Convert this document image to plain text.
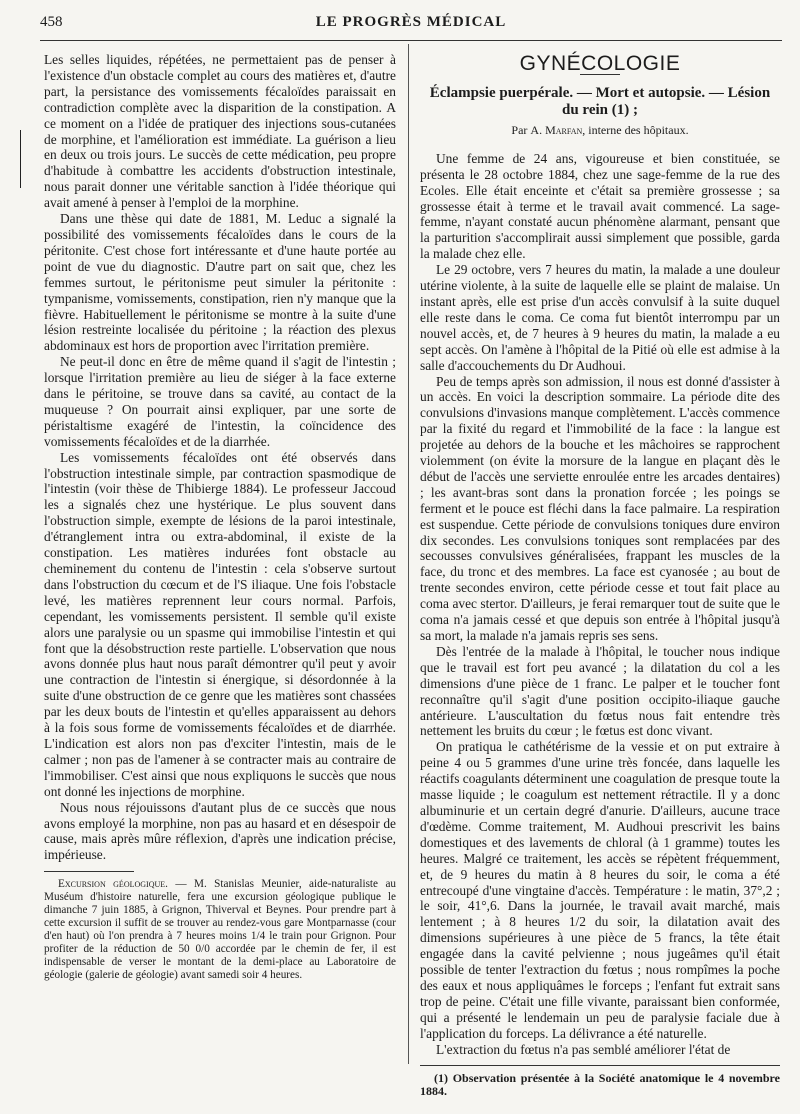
458	LE PROGRÈS MÉDICAL

Les selles liquides, répétées, ne permettaient pas de penser à l'existence d'un obstacle complet au cours des matières et, d'autre part, la persistance des vomissements fécaloïdes paraissait en contradiction complète avec la disparition de la constipation. A ce moment on a l'idée de pratiquer des injections sous-cutanées de morphine, et l'amélioration est immédiate. La guérison a lieu en deux ou trois jours. Le succès de cette médication, peu propre d'habitude à combattre les accidents d'obstruction intestinale, nous parait donner une véritable sanction à l'idée théorique qui avait amené à penser à l'emploi de la morphine.

Dans une thèse qui date de 1881, M. Leduc a signalé la possibilité des vomissements fécaloïdes dans le cours de la péritonite. C'est chose fort intéressante et d'une haute portée au point de vue du diagnostic. D'autre part on sait que, chez les femmes surtout, le péritonisme peut simuler la péritonite : tympanisme, vomissements, constipation, rien n'y manque que la fièvre. Habituellement le péritonisme se montre à la suite d'une lésion restreinte localisée du péritoine ; la réaction des plexus abdominaux est hors de proportion avec l'irritation première.

Ne peut-il donc en être de même quand il s'agit de l'intestin ; lorsque l'irritation première au lieu de siéger à la face externe dans le péritoine, se trouve dans sa cavité, au contact de la muqueuse ? On pourrait ainsi expliquer, par une sorte de péristaltisme exagéré de l'intestin, la coïncidence des vomissements fécaloïdes et de la diarrhée.

Les vomissements fécaloïdes ont été observés dans l'obstruction intestinale simple, par contraction spasmodique de l'intestin (voir thèse de Thibierge 1884). Le professeur Jaccoud les a signalés chez une hystérique. Le plus souvent dans l'obstruction simple, exempte de lésions de la paroi intestinale, d'étranglement intra ou extra-abdominal, il existe de la constipation. Les matières indurées font obstacle au cheminement du contenu de l'intestin : cela s'observe surtout dans l'obstruction du cœcum et de l'S iliaque. Une fois l'obstacle levé, les matières reprennent leur cours normal. Parfois, cependant, les vomissements persistent. Il semble qu'il existe alors une paralysie ou un spasme qui immobilise l'intestin et qui font que la désobstruction reste partielle. L'observation que nous avons donnée plus haut nous paraît démontrer qu'il peut y avoir une contraction de l'intestin si énergique, si désordonnée à la suite d'une obstruction de ce genre que les matières sont chassées par les deux bouts de l'intestin et qu'elles apparaissent au dehors à la fois sous forme de vomissements fécaloïdes et de diarrhée. L'indication est alors non pas d'exciter l'intestin, mais de le calmer ; non pas de l'amener à se contracter mais au contraire de l'immobiliser. C'est ainsi que nous expliquons le succès que nous ont donné les injections de morphine.

Nous nous réjouissons d'autant plus de ce succès que nous avons employé la morphine, non pas au hasard et en désespoir de cause, mais après mûre réflexion, d'après une indication précise, impérieuse.

Excursion géologique. — M. Stanislas Meunier, aide-naturaliste au Muséum d'histoire naturelle, fera une excursion géologique publique le dimanche 7 juin 1885, à Grignon, Thiverval et Beynes. Pour prendre part à cette excursion il suffit de se trouver au rendez-vous gare Montparnasse (cour d'en haut) où l'on prendra à 7 heures moins 1/4 le train pour Grignon. Pour profiter de la réduction de 50 0/0 accordée par le chemin de fer, il est indispensable de verser le montant de la demi-place au Laboratoire de géologie (galerie de géologie) avant samedi soir 4 heures.
GYNÉCOLOGIE
Éclampsie puerpérale. — Mort et autopsie. — Lésion du rein (1) ;
Par A. Marfan, interne des hôpitaux.

Une femme de 24 ans, vigoureuse et bien constituée, se présenta le 28 octobre 1884, chez une sage-femme de la rue des Ecoles. Elle était enceinte et c'était sa première grossesse ; sa grossesse était à terme et le travail avait commencé. La sage-femme, n'ayant constaté aucun phénomène alarmant, pensant que la parturition s'accomplirait aussi simplement que possible, garda la malade chez elle.

Le 29 octobre, vers 7 heures du matin, la malade a une douleur utérine violente, à la suite de laquelle elle se plaint de malaise. Un instant après, elle est prise d'un accès convulsif à la suite duquel elle reste dans le coma. Ce coma fut bientôt interrompu par un nouvel accès, et, de 7 heures à 9 heures du matin, la malade a eu sept accès. On l'amène à l'hôpital de la Pitié où elle est admise à la salle d'accouchements du Dr Audhoui.

Peu de temps après son admission, il nous est donné d'assister à un accès. En voici la description sommaire. La période dite des convulsions d'invasions manque complètement. L'accès commence par la fixité du regard et l'immobilité de la face : la langue est projetée au dehors de la bouche et les mâchoires se rapprochent violemment (on évite la morsure de la langue en plaçant dès le début de l'accès une serviette enroulée entre les arcades dentaires) ; les avant-bras sont dans la pronation forcée ; les poings se ferment et le pouce est fléchi dans la face palmaire. La respiration est suspendue. Cette période de convulsions toniques dure environ dix secondes. Les convulsions toniques sont remplacées par des secousses convulsives généralisées, frappant les muscles de la face, du tronc et des membres. La face est cyanosée ; au bout de trente secondes environ, cette période cesse et tout fait place au coma avec stertor. D'ailleurs, je ferai remarquer tout de suite que le coma n'a jamais cessé et que depuis son entrée à l'hôpital jusqu'à sa mort, la malade n'a jamais repris ses sens.

Dès l'entrée de la malade à l'hôpital, le toucher nous indique que le travail est fort peu avancé ; la dilatation du col a les dimensions d'une pièce de 1 franc. Le palper et le toucher font reconnaître qu'il s'agit d'une position occipito-iliaque gauche antérieure. L'auscultation du fœtus nous fait entendre très nettement les bruits du cœur ; le fœtus est donc vivant.

On pratiqua le cathétérisme de la vessie et on put extraire à peine 4 ou 5 grammes d'une urine très foncée, dans laquelle les réactifs coagulants déterminent une coagulation de presque toute la masse liquide ; le coagulum est nettement rétractile. Il y a donc albuminurie et un certain degré d'anurie. D'ailleurs, aucune trace d'œdème. Comme traitement, M. Audhoui prescrivit les bains domestiques et des lavements de chloral (à 1 gramme) toutes les heures. Malgré ce traitement, les accès se répètent fréquemment, et, de 9 heures du matin à 8 heures du soir, le coma a été entrecoupé d'une vingtaine d'accès. Température : le matin, 37°,2 ; le soir, 41°,6. Dans la journée, le travail avait marché, mais lentement ; à 8 heures 1/2 du soir, la dilatation avait des dimensions supérieures à une pièce de 5 francs, la tête était engagée dans la cavité pelvienne ; nous jugeâmes qu'il était possible de tenter l'extraction du fœtus ; nous rompîmes la poche des eaux et nous appliquâmes le forceps ; l'enfant fut extrait sans trop de peine. C'était une fille vivante, paraissant bien conformée, qui a présenté le lendemain un peu de paralysie faciale due à l'application du forceps. La délivrance a été naturelle.

L'extraction du fœtus n'a pas semblé améliorer l'état de

(1) Observation présentée à la Société anatomique le 4 novembre 1884.
